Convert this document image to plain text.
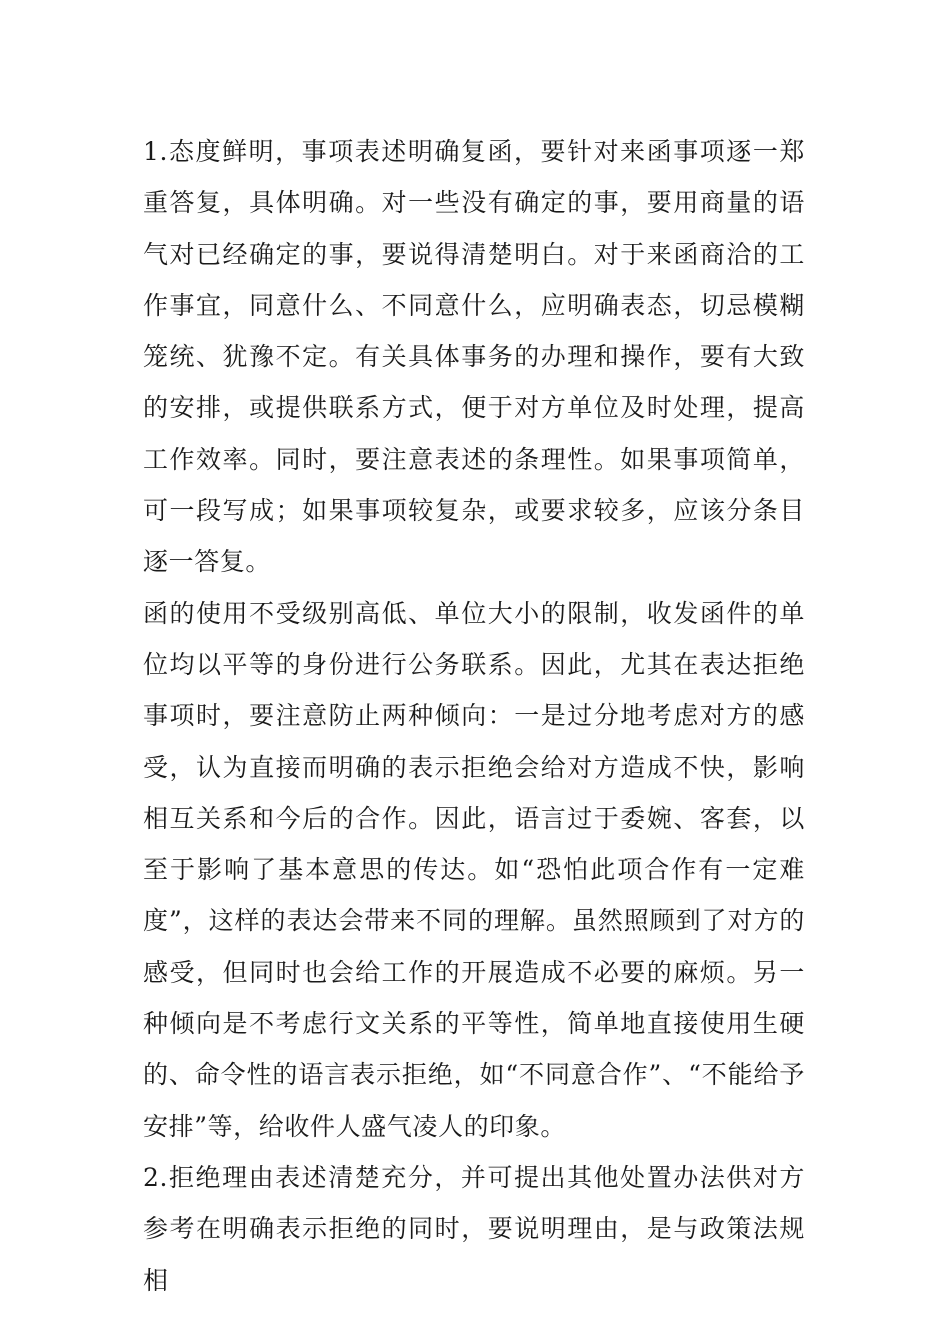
1.态度鲜明，事项表述明确复函，要针对来函事项逐一郑重答复，具体明确。对一些没有确定的事，要用商量的语气对已经确定的事，要说得清楚明白。对于来函商洽的工作事宜，同意什么、不同意什么，应明确表态，切忌模糊笼统、犹豫不定。有关具体事务的办理和操作，要有大致的安排，或提供联系方式，便于对方单位及时处理，提高工作效率。同时，要注意表述的条理性。如果事项简单，可一段写成；如果事项较复杂，或要求较多，应该分条目逐一答复。

函的使用不受级别高低、单位大小的限制，收发函件的单位均以平等的身份进行公务联系。因此，尤其在表达拒绝事项时，要注意防止两种倾向：一是过分地考虑对方的感受，认为直接而明确的表示拒绝会给对方造成不快，影响相互关系和今后的合作。因此，语言过于委婉、客套，以至于影响了基本意思的传达。如“恐怕此项合作有一定难度”，这样的表达会带来不同的理解。虽然照顾到了对方的感受，但同时也会给工作的开展造成不必要的麻烦。另一种倾向是不考虑行文关系的平等性，简单地直接使用生硬的、命令性的语言表示拒绝，如“不同意合作”、“不能给予安排”等，给收件人盛气凌人的印象。

2.拒绝理由表述清楚充分，并可提出其他处置办法供对方参考在明确表示拒绝的同时，要说明理由，是与政策法规相
